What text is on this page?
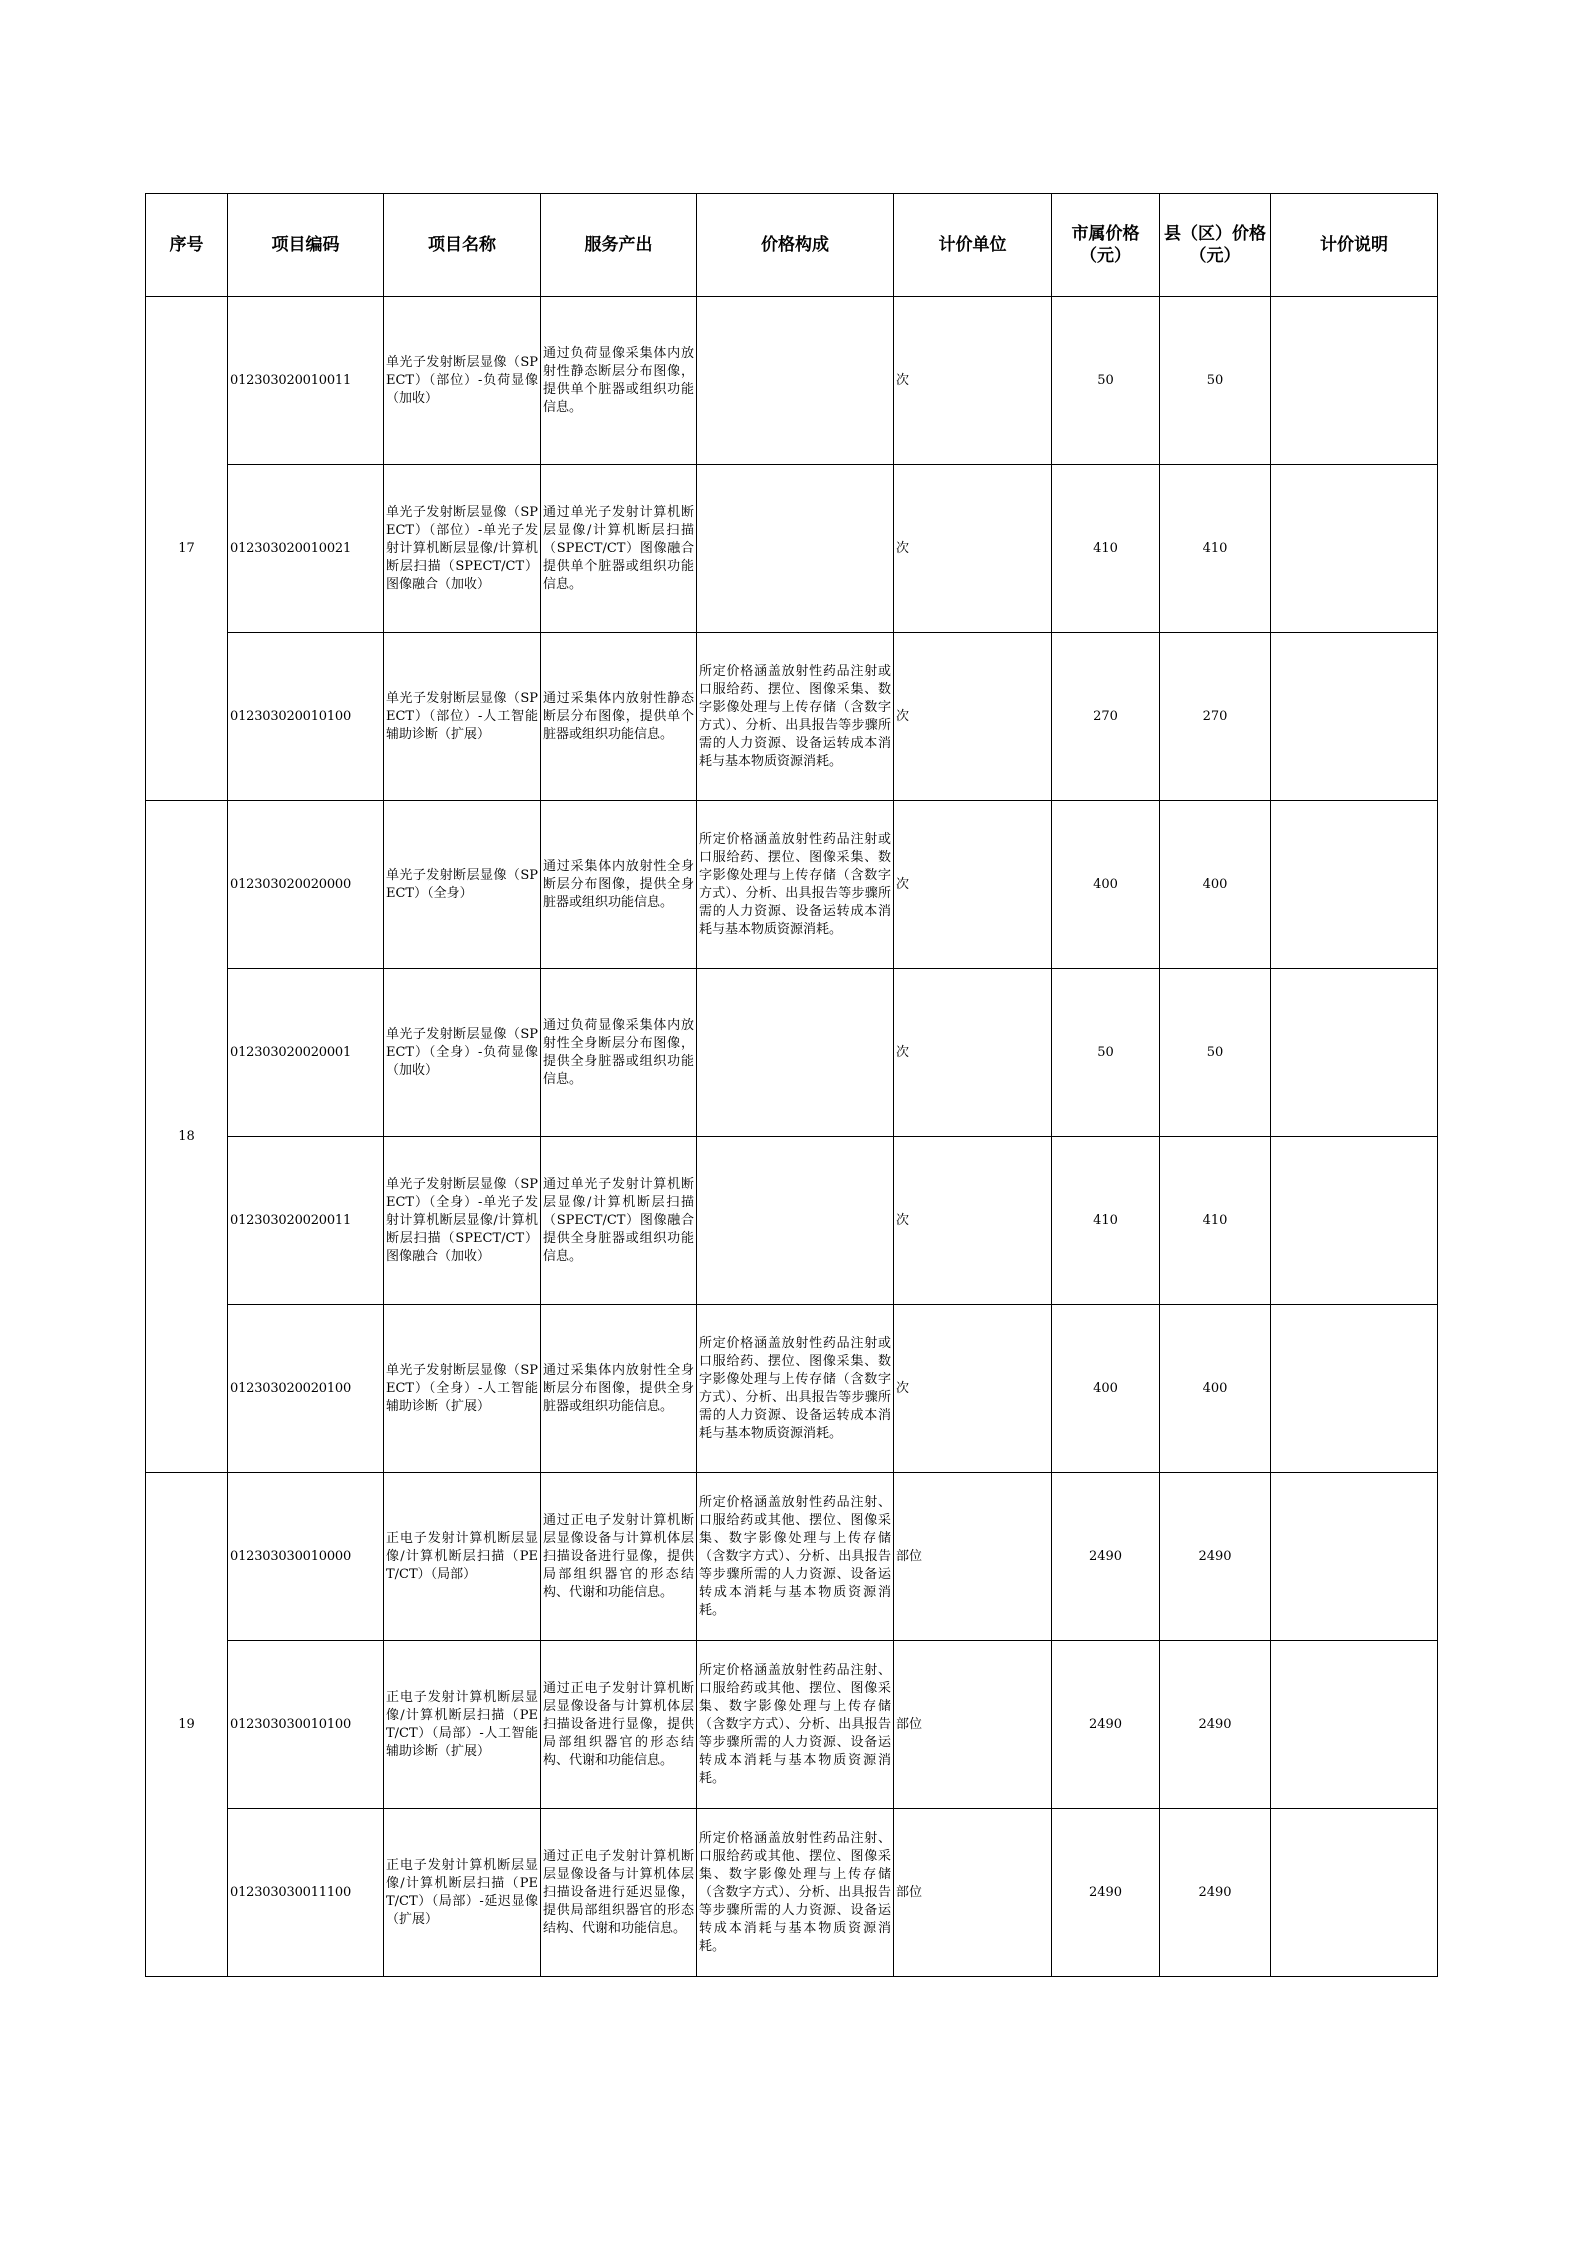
序号	项目编码	项目名称	服务产出	价格构成	计价单位	市属价格（元）	县（区）价格（元）	计价说明
17	012303020010011	单光子发射断层显像（SPECT）（部位）-负荷显像（加收）	通过负荷显像采集体内放射性静态断层分布图像，提供单个脏器或组织功能信息。		次	50	50	
	012303020010021	单光子发射断层显像（SPECT）（部位）-单光子发射计算机断层显像/计算机断层扫描（SPECT/CT）图像融合（加收）	通过单光子发射计算机断层显像/计算机断层扫描（SPECT/CT）图像融合提供单个脏器或组织功能信息。		次	410	410	
	012303020010100	单光子发射断层显像（SPECT）（部位）-人工智能辅助诊断（扩展）	通过采集体内放射性静态断层分布图像，提供单个脏器或组织功能信息。	所定价格涵盖放射性药品注射或口服给药、摆位、图像采集、数字影像处理与上传存储（含数字方式）、分析、出具报告等步骤所需的人力资源、设备运转成本消耗与基本物质资源消耗。	次	270	270	
18	012303020020000	单光子发射断层显像（SPECT）（全身）	通过采集体内放射性全身断层分布图像，提供全身脏器或组织功能信息。	所定价格涵盖放射性药品注射或口服给药、摆位、图像采集、数字影像处理与上传存储（含数字方式）、分析、出具报告等步骤所需的人力资源、设备运转成本消耗与基本物质资源消耗。	次	400	400	
	012303020020001	单光子发射断层显像（SPECT）（全身）-负荷显像（加收）	通过负荷显像采集体内放射性全身断层分布图像，提供全身脏器或组织功能信息。		次	50	50	
	012303020020011	单光子发射断层显像（SPECT）（全身）-单光子发射计算机断层显像/计算机断层扫描（SPECT/CT）图像融合（加收）	通过单光子发射计算机断层显像/计算机断层扫描（SPECT/CT）图像融合提供全身脏器或组织功能信息。		次	410	410	
	012303020020100	单光子发射断层显像（SPECT）（全身）-人工智能辅助诊断（扩展）	通过采集体内放射性全身断层分布图像，提供全身脏器或组织功能信息。	所定价格涵盖放射性药品注射或口服给药、摆位、图像采集、数字影像处理与上传存储（含数字方式）、分析、出具报告等步骤所需的人力资源、设备运转成本消耗与基本物质资源消耗。	次	400	400	
19	012303030010000	正电子发射计算机断层显像/计算机断层扫描（PET/CT）（局部）	通过正电子发射计算机断层显像设备与计算机体层扫描设备进行显像，提供局部组织器官的形态结构、代谢和功能信息。	所定价格涵盖放射性药品注射、口服给药或其他、摆位、图像采集、数字影像处理与上传存储（含数字方式）、分析、出具报告等步骤所需的人力资源、设备运转成本消耗与基本物质资源消耗。	部位	2490	2490	
	012303030010100	正电子发射计算机断层显像/计算机断层扫描（PET/CT）（局部）-人工智能辅助诊断（扩展）	通过正电子发射计算机断层显像设备与计算机体层扫描设备进行显像，提供局部组织器官的形态结构、代谢和功能信息。	所定价格涵盖放射性药品注射、口服给药或其他、摆位、图像采集、数字影像处理与上传存储（含数字方式）、分析、出具报告等步骤所需的人力资源、设备运转成本消耗与基本物质资源消耗。	部位	2490	2490	
	012303030011100	正电子发射计算机断层显像/计算机断层扫描（PET/CT）（局部）-延迟显像（扩展）	通过正电子发射计算机断层显像设备与计算机体层扫描设备进行延迟显像，提供局部组织器官的形态结构、代谢和功能信息。	所定价格涵盖放射性药品注射、口服给药或其他、摆位、图像采集、数字影像处理与上传存储（含数字方式）、分析、出具报告等步骤所需的人力资源、设备运转成本消耗与基本物质资源消耗。	部位	2490	2490	
